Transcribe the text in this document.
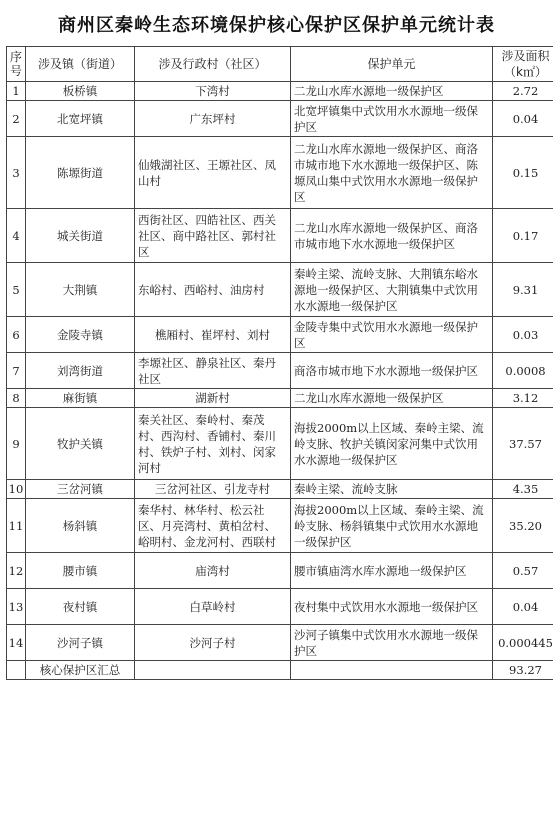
商州区秦岭生态环境保护核心保护区保护单元统计表
序号	涉及镇（街道）	涉及行政村（社区）	保护单元	涉及面积（k㎡）
1	板桥镇	下湾村	二龙山水库水源地一级保护区	2.72
2	北宽坪镇	广东坪村	北宽坪镇集中式饮用水水源地一级保护区	0.04
3	陈塬街道	仙娥湖社区、王塬社区、凤山村	二龙山水库水源地一级保护区、商洛市城市地下水水源地一级保护区、陈塬凤山集中式饮用水水源地一级保护区	0.15
4	城关街道	西街社区、四皓社区、西关社区、商中路社区、郭村社区	二龙山水库水源地一级保护区、商洛市城市地下水水源地一级保护区	0.17
5	大荆镇	东峪村、西峪村、油房村	秦岭主梁、流岭支脉、大荆镇东峪水源地一级保护区、大荆镇集中式饮用水水源地一级保护区	9.31
6	金陵寺镇	樵厢村、崔坪村、刘村	金陵寺集中式饮用水水源地一级保护区	0.03
7	刘湾街道	李塬社区、静泉社区、秦丹社区	商洛市城市地下水水源地一级保护区	0.0008
8	麻街镇	湖新村	二龙山水库水源地一级保护区	3.12
9	牧护关镇	秦关社区、秦岭村、秦茂村、西沟村、香铺村、秦川村、铁炉子村、刘村、闵家河村	海拔2000m以上区域、秦岭主梁、流岭支脉、牧护关镇闵家河集中式饮用水水源地一级保护区	37.57
10	三岔河镇	三岔河社区、引龙寺村	秦岭主梁、流岭支脉	4.35
11	杨斜镇	秦华村、林华村、松云社区、月亮湾村、黄柏岔村、峪明村、金龙河村、西联村	海拔2000m以上区域、秦岭主梁、流岭支脉、杨斜镇集中式饮用水水源地一级保护区	35.20
12	腰市镇	庙湾村	腰市镇庙湾水库水源地一级保护区	0.57
13	夜村镇	白草岭村	夜村集中式饮用水水源地一级保护区	0.04
14	沙河子镇	沙河子村	沙河子镇集中式饮用水水源地一级保护区	0.000445
	核心保护区汇总			93.27
